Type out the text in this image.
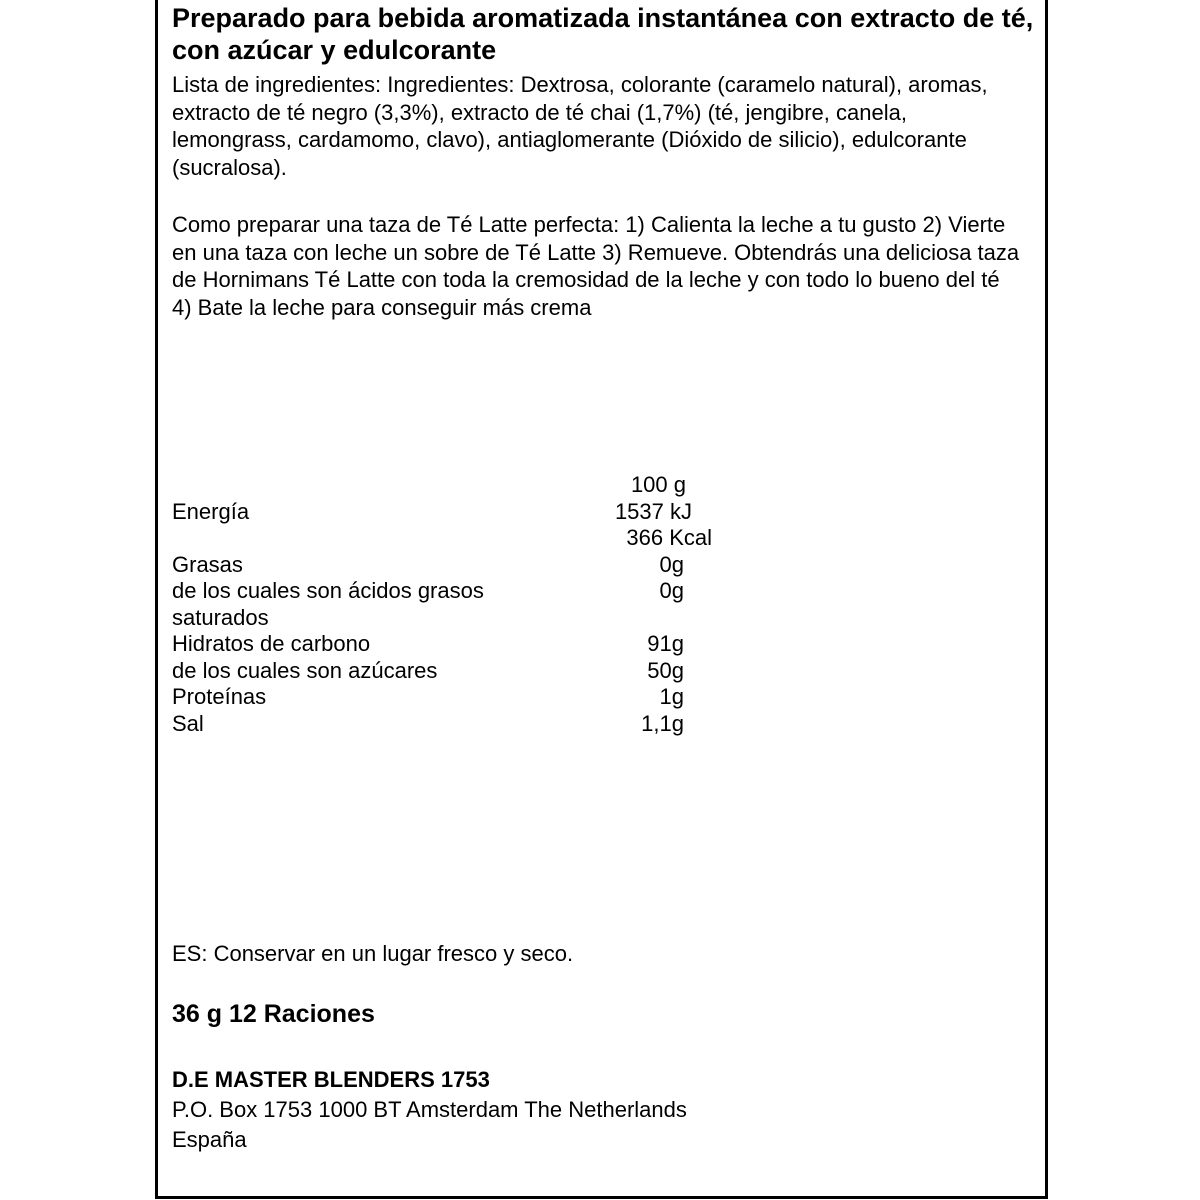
Preparado para bebida aromatizada instantánea con extracto de té, con azúcar y edulcorante

Lista de ingredientes: Ingredientes: Dextrosa, colorante (caramelo natural), aromas, extracto de té negro (3,3%), extracto de té chai (1,7%) (té, jengibre, canela, lemongrass, cardamomo, clavo), antiaglomerante (Dióxido de silicio), edulcorante (sucralosa).

Como preparar una taza de Té Latte perfecta: 1) Calienta la leche a tu gusto 2) Vierte en una taza con leche un sobre de Té Latte 3) Remueve. Obtendrás una deliciosa taza de Hornimans Té Latte con toda la cremosidad de la leche y con todo lo bueno del té 4) Bate la leche para conseguir más crema

100 g
Energía	1537 kJ
366 Kcal
Grasas	0g
de los cuales son ácidos grasos saturados
0g
Hidratos de carbono	91g
de los cuales son azúcares	50g
Proteínas	1g
Sal	1,1g

ES: Conservar en un lugar fresco y seco.

36 g 12 Raciones

D.E MASTER BLENDERS 1753
P.O. Box 1753 1000 BT Amsterdam The Netherlands
España
